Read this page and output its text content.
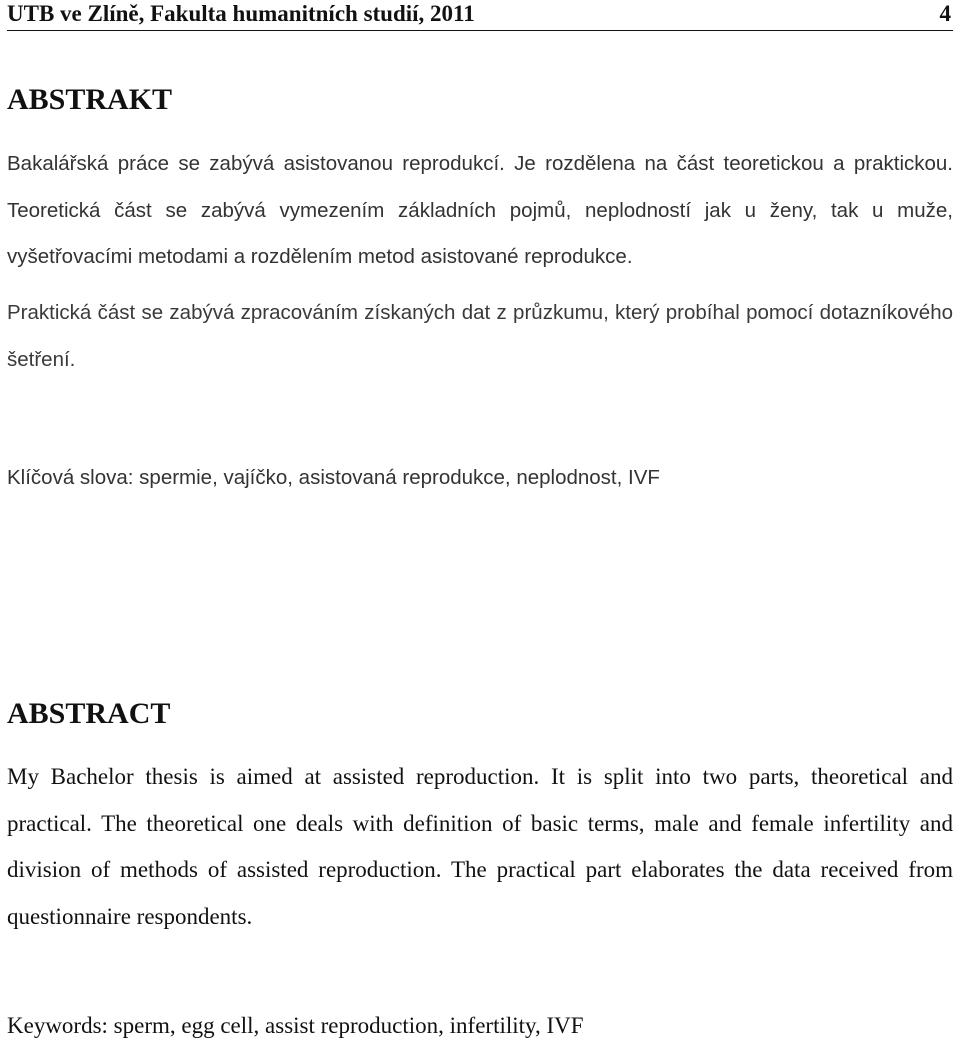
UTB ve Zlíně, Fakulta humanitních studií, 2011	4
ABSTRAKT

Bakalářská práce se zabývá asistovanou reprodukcí. Je rozdělena na část teoretickou a praktickou. Teoretická část se zabývá vymezením základních pojmů, neplodností jak u ženy, tak u muže, vyšetřovacími metodami a rozdělením metod asistované reprodukce.

Praktická část se zabývá zpracováním získaných dat z průzkumu, který probíhal pomocí dotazníkového šetření.

Klíčová slova: spermie, vajíčko, asistovaná reprodukce, neplodnost, IVF

ABSTRACT

My Bachelor thesis is aimed at assisted reproduction. It is split into two parts, theoretical and practical. The theoretical one deals with definition of basic terms, male and female infertility and division of methods of assisted reproduction. The practical part elaborates the data received from questionnaire respondents.

Keywords: sperm, egg cell, assist reproduction, infertility, IVF
